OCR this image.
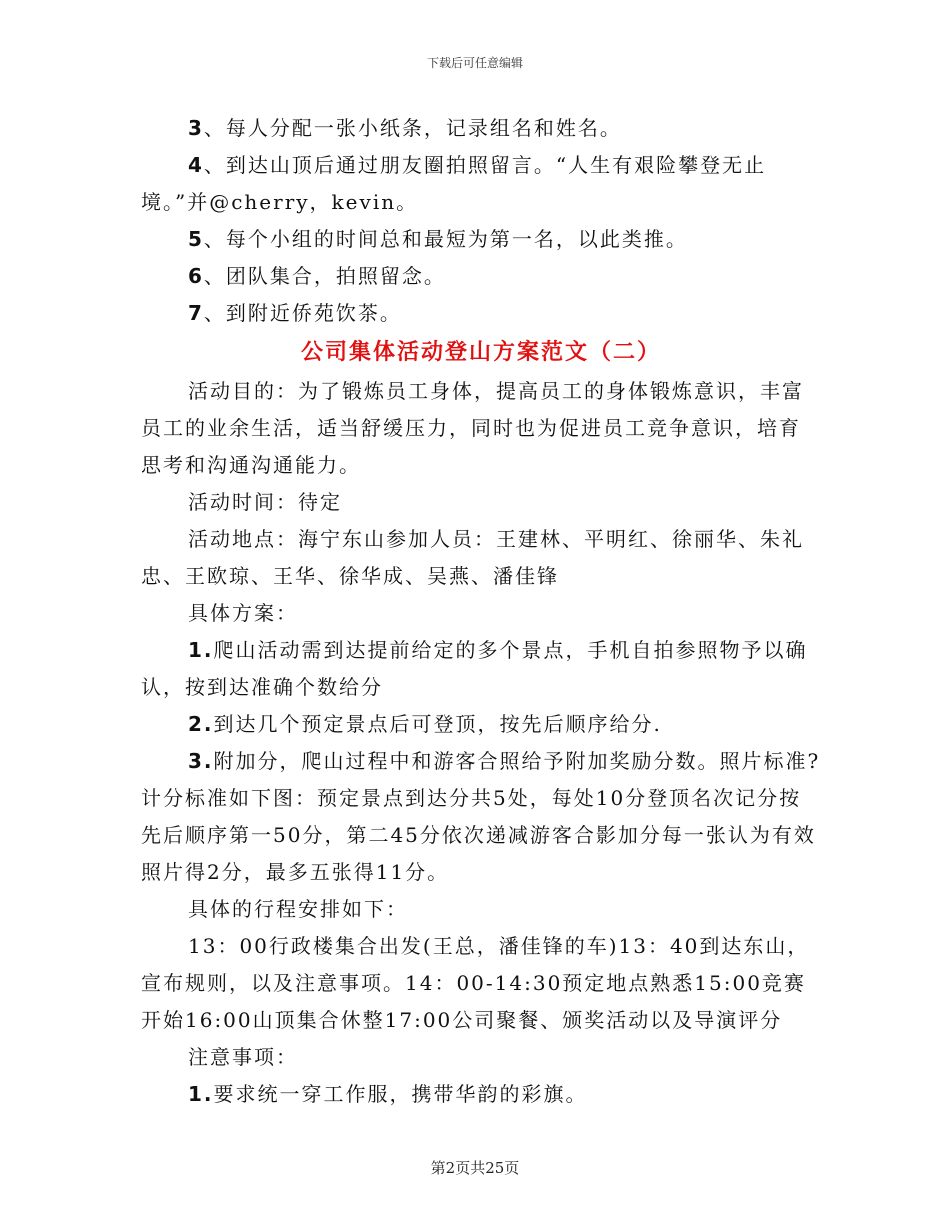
下载后可任意编辑

3、每人分配一张小纸条，记录组名和姓名。

4、到达山顶后通过朋友圈拍照留言。“人生有艰险攀登无止境。”并@cherry，kevin。

5、每个小组的时间总和最短为第一名，以此类推。

6、团队集合，拍照留念。

7、到附近侨苑饮茶。

公司集体活动登山方案范文（二）

活动目的：为了锻炼员工身体，提高员工的身体锻炼意识，丰富员工的业余生活，适当舒缓压力，同时也为促进员工竞争意识，培育思考和沟通沟通能力。

活动时间：待定

活动地点：海宁东山参加人员：王建林、平明红、徐丽华、朱礼忠、王欧琼、王华、徐华成、吴燕、潘佳锋

具体方案：

1.爬山活动需到达提前给定的多个景点，手机自拍参照物予以确认，按到达准确个数给分

2.到达几个预定景点后可登顶，按先后顺序给分.

3.附加分，爬山过程中和游客合照给予附加奖励分数。照片标准?计分标准如下图：预定景点到达分共5处，每处10分登顶名次记分按先后顺序第一50分，第二45分依次递减游客合影加分每一张认为有效照片得2分，最多五张得11分。

具体的行程安排如下：

13：00行政楼集合出发(王总，潘佳锋的车)13：40到达东山，宣布规则，以及注意事项。14：00-14:30预定地点熟悉15:00竞赛开始16:00山顶集合休整17:00公司聚餐、颁奖活动以及导演评分

注意事项：

1.要求统一穿工作服，携带华韵的彩旗。

第2页共25页
